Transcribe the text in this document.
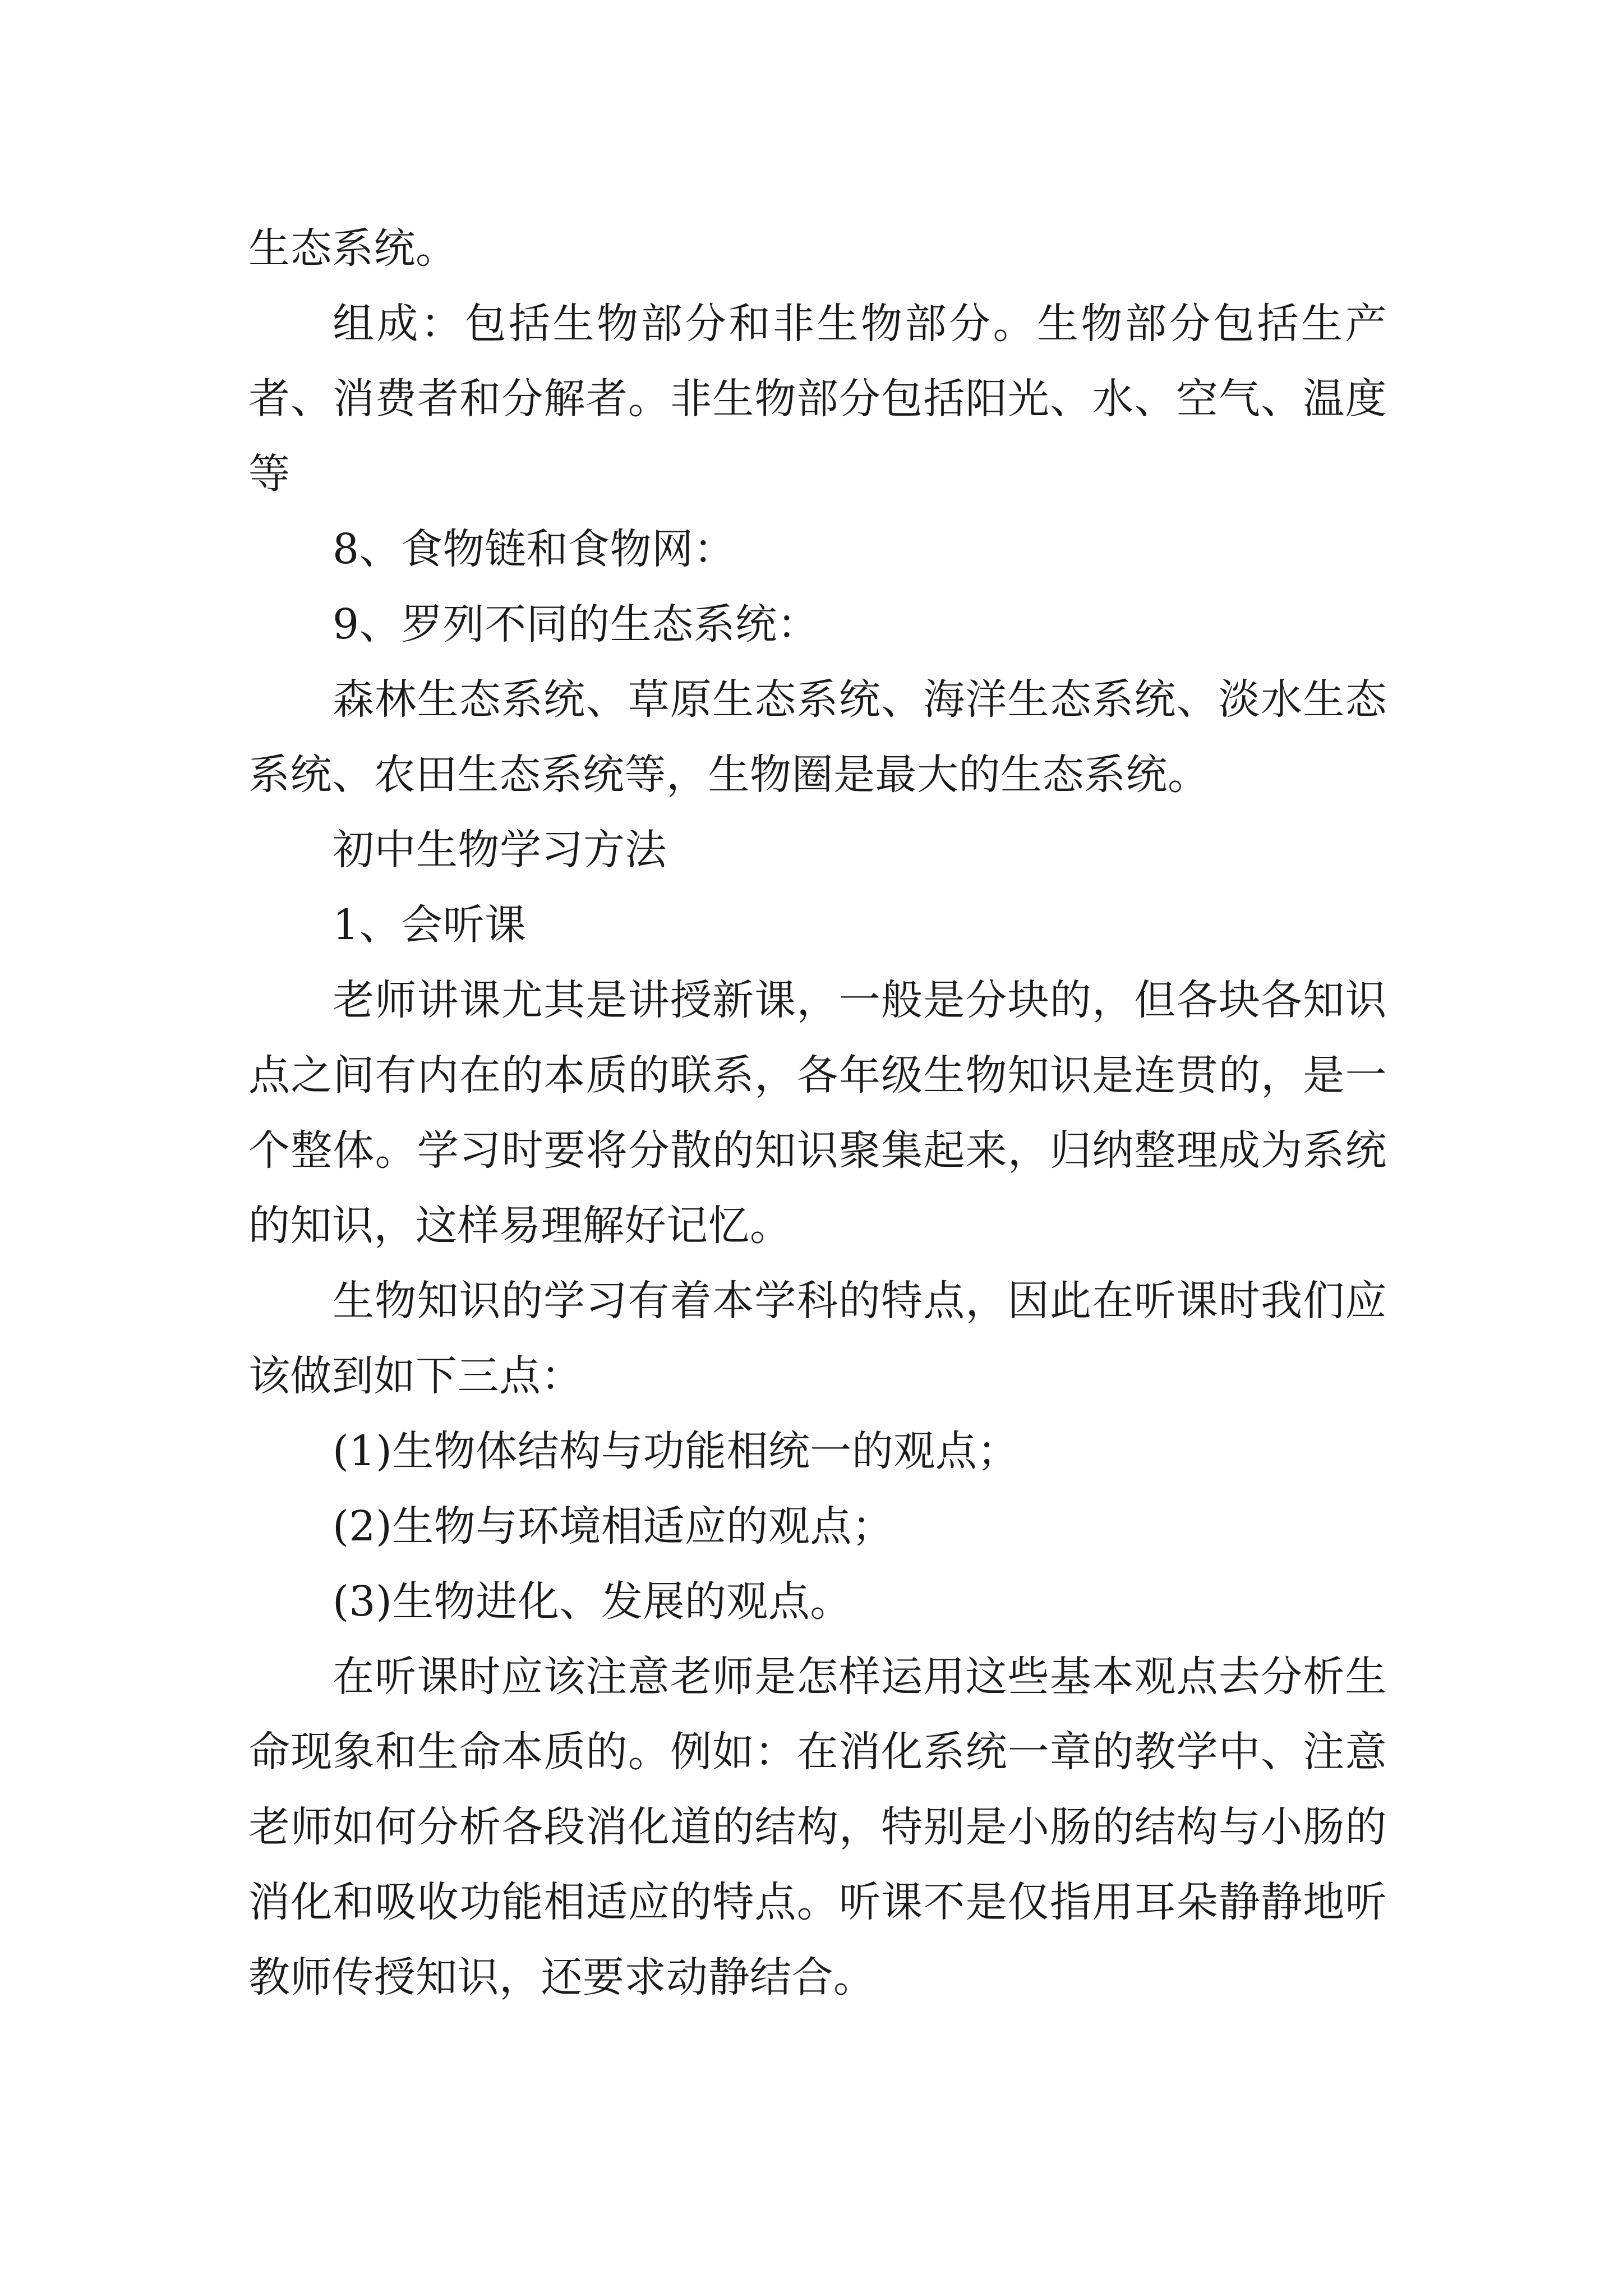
生态系统。

组成：包括生物部分和非生物部分。生物部分包括生产者、消费者和分解者。非生物部分包括阳光、水、空气、温度等

8、食物链和食物网：

9、罗列不同的生态系统：

森林生态系统、草原生态系统、海洋生态系统、淡水生态系统、农田生态系统等，生物圈是最大的生态系统。

初中生物学习方法

1、会听课

老师讲课尤其是讲授新课，一般是分块的，但各块各知识点之间有内在的本质的联系，各年级生物知识是连贯的，是一个整体。学习时要将分散的知识聚集起来，归纳整理成为系统的知识，这样易理解好记忆。

生物知识的学习有着本学科的特点，因此在听课时我们应该做到如下三点：

(1)生物体结构与功能相统一的观点；

(2)生物与环境相适应的观点；

(3)生物进化、发展的观点。

在听课时应该注意老师是怎样运用这些基本观点去分析生命现象和生命本质的。例如：在消化系统一章的教学中、注意老师如何分析各段消化道的结构，特别是小肠的结构与小肠的消化和吸收功能相适应的特点。听课不是仅指用耳朵静静地听教师传授知识，还要求动静结合。
